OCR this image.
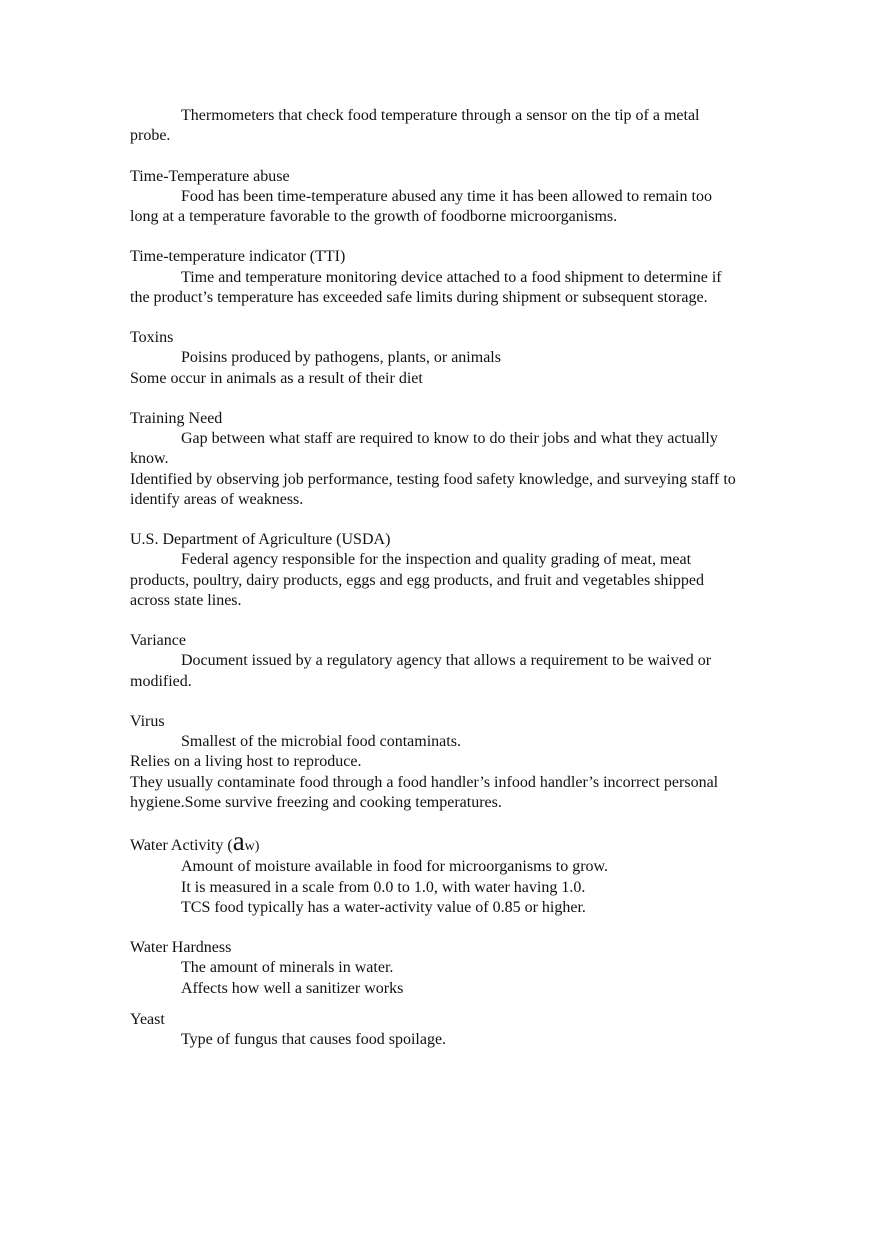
Thermometers that check food temperature through a sensor on the tip of a metal probe.

Time-Temperature abuse

Food has been time-temperature abused any time it has been allowed to remain too long at a temperature favorable to the growth of foodborne microorganisms.

Time-temperature indicator (TTI)

Time and temperature monitoring device attached to a food shipment to determine if the product’s temperature has exceeded safe limits during shipment or subsequent storage.

Toxins

Poisins produced by pathogens, plants, or animals

Some occur in animals as a result of their diet

Training Need

Gap between what staff are required to know to do their jobs and what they actually know.

Identified by observing job performance, testing food safety knowledge, and surveying staff to identify areas of weakness.

U.S. Department of Agriculture (USDA)

Federal agency responsible for the inspection and quality grading of meat, meat products, poultry, dairy products, eggs and egg products, and fruit and vegetables shipped across state lines.

Variance

Document issued by a regulatory agency that allows a requirement to be waived or modified.

Virus

Smallest of the microbial food contaminats.

Relies on a living host to reproduce.

They usually contaminate food through a food handler’s infood handler’s incorrect personal hygiene.Some survive freezing and cooking temperatures.

Water Activity (aw)

Amount of moisture available in food for microorganisms to grow.

It is measured in a scale from 0.0 to 1.0, with water having 1.0.

TCS food typically has a water-activity value of 0.85 or higher.

Water Hardness

The amount of minerals in water.

Affects how well a sanitizer works

Yeast

Type of fungus that causes food spoilage.
